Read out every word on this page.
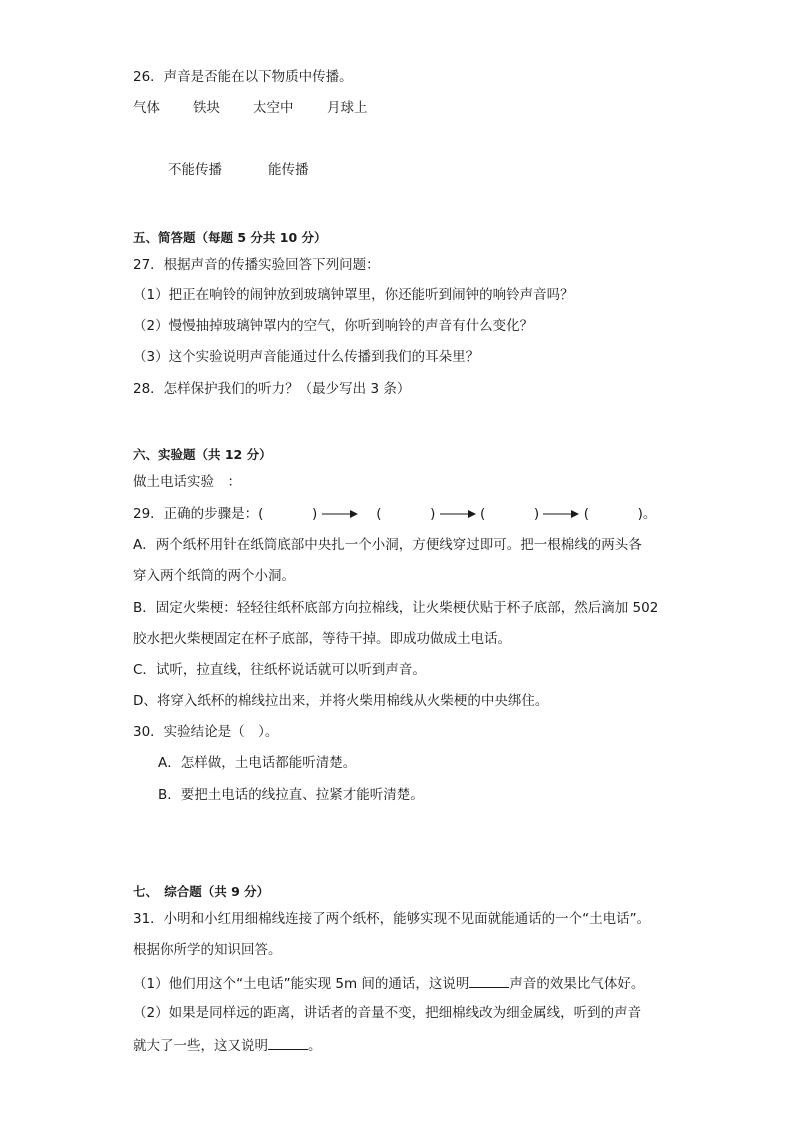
26．声音是否能在以下物质中传播。
气体 铁块 太空中 月球上
不能传播	能传播
五、简答题（每题 5 分共 10 分）
27．根据声音的传播实验回答下列问题：
（1）把正在响铃的闹钟放到玻璃钟罩里，你还能听到闹钟的响铃声音吗？
（2）慢慢抽掉玻璃钟罩内的空气，你听到响铃的声音有什么变化？
（3）这个实验说明声音能通过什么传播到我们的耳朵里？
28．怎样保护我们的听力？（最少写出 3 条）
六、实验题（共 12 分）
做土电话实验　：
29．正确的步骤是：(	)	(	)	(	)	(	)。
A．两个纸杯用针在纸筒底部中央扎一个小洞，方便线穿过即可。把一根棉线的两头各
穿入两个纸筒的两个小洞。
B．固定火柴梗：轻轻往纸杯底部方向拉棉线，让火柴梗伏贴于杯子底部，然后滴加 502
胶水把火柴梗固定在杯子底部，等待干掉。即成功做成土电话。
C．试听，拉直线，往纸杯说话就可以听到声音。
D、将穿入纸杯的棉线拉出来，并将火柴用棉线从火柴梗的中央绑住。
30．实验结论是（　）。
A．怎样做，土电话都能听清楚。
B．要把土电话的线拉直、拉紧才能听清楚。
七、　综合题（共 9 分）
31．小明和小红用细棉线连接了两个纸杯，能够实现不见面就能通话的一个“土电话”。
根据你所学的知识回答。
（1）他们用这个“土电话”能实现 5m 间的通话，这说明	声音的效果比气体好。
（2）如果是同样远的距离，讲话者的音量不变，把细棉线改为细金属线，听到的声音
就大了一些，这又说明	。
